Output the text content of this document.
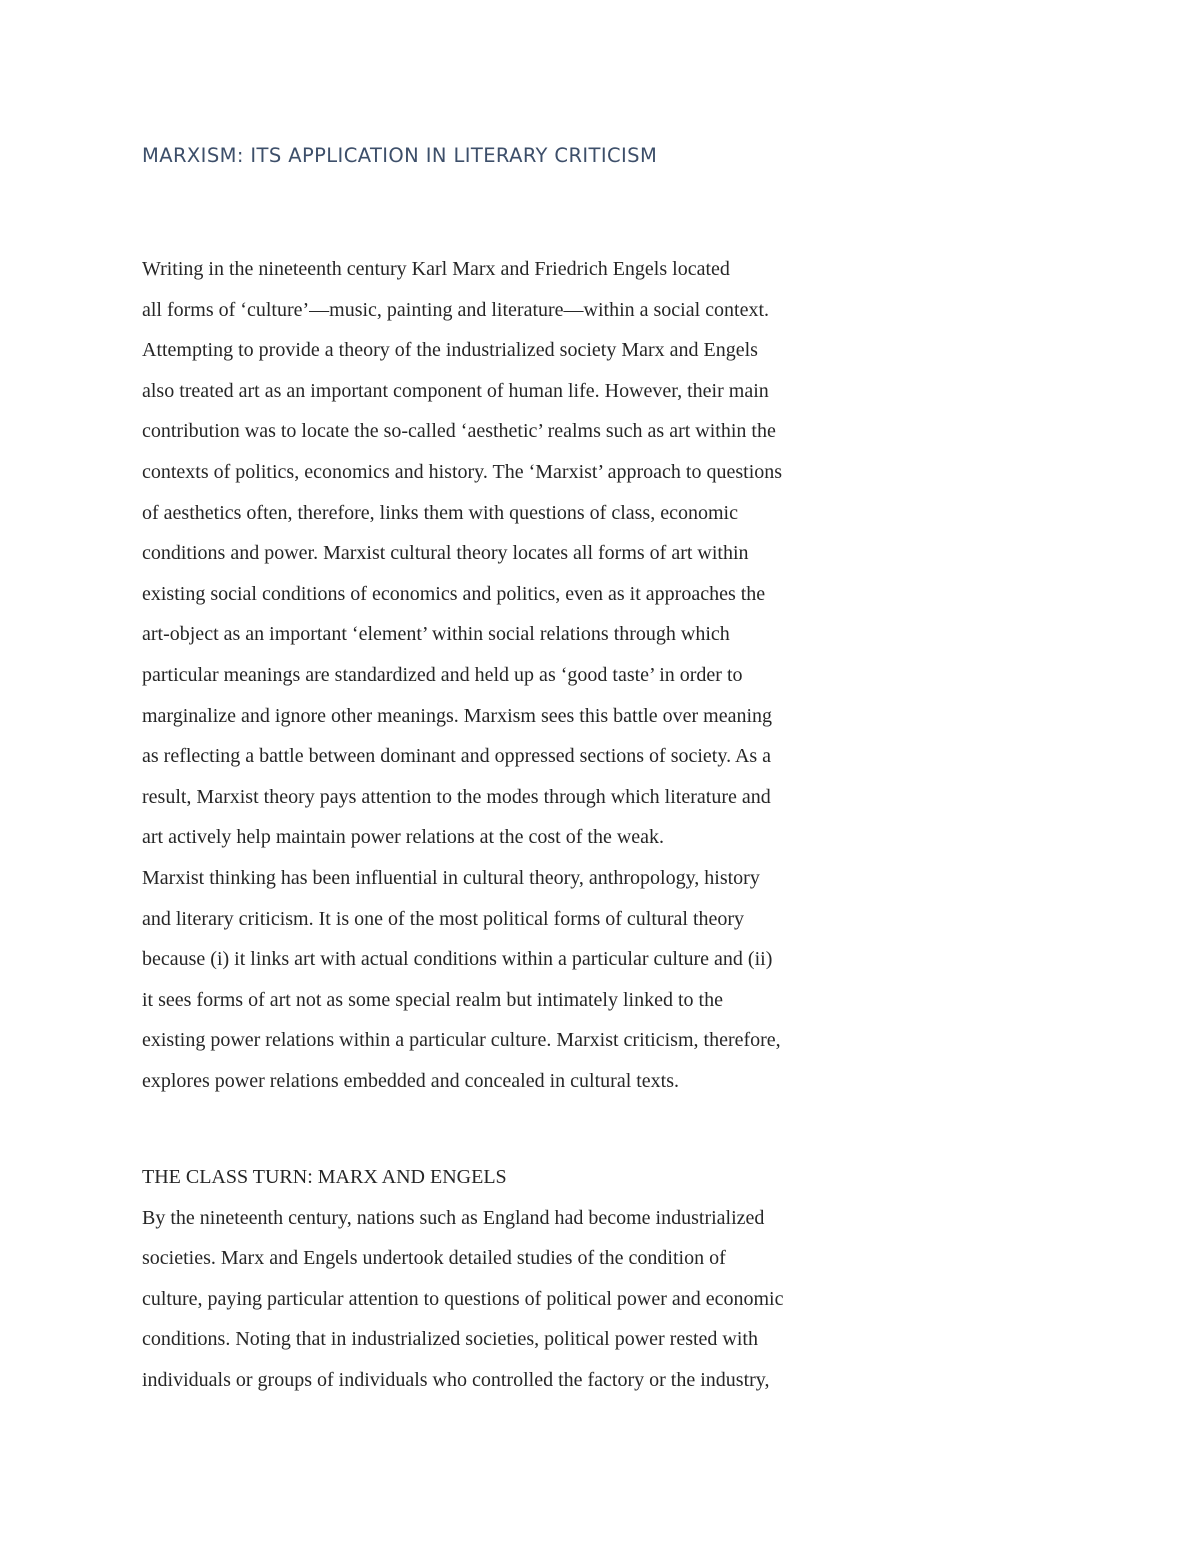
MARXISM: ITS APPLICATION IN LITERARY CRITICISM
Writing in the nineteenth century Karl Marx and Friedrich Engels located
all forms of ‘culture’—music, painting and literature—within a social context.
Attempting to provide a theory of the industrialized society Marx and Engels
also treated art as an important component of human life. However, their main
contribution was to locate the so-called ‘aesthetic’ realms such as art within the
contexts of politics, economics and history. The ‘Marxist’ approach to questions
of aesthetics often, therefore, links them with questions of class, economic
conditions and power. Marxist cultural theory locates all forms of art within
existing social conditions of economics and politics, even as it approaches the
art-object as an important ‘element’ within social relations through which
particular meanings are standardized and held up as ‘good taste’ in order to
marginalize and ignore other meanings. Marxism sees this battle over meaning
as reflecting a battle between dominant and oppressed sections of society. As a
result, Marxist theory pays attention to the modes through which literature and
art actively help maintain power relations at the cost of the weak.
Marxist thinking has been influential in cultural theory, anthropology, history
and literary criticism. It is one of the most political forms of cultural theory
because (i) it links art with actual conditions within a particular culture and (ii)
it sees forms of art not as some special realm but intimately linked to the
existing power relations within a particular culture. Marxist criticism, therefore,
explores power relations embedded and concealed in cultural texts.
THE CLASS TURN: MARX AND ENGELS
By the nineteenth century, nations such as England had become industrialized
societies. Marx and Engels undertook detailed studies of the condition of
culture, paying particular attention to questions of political power and economic
conditions. Noting that in industrialized societies, political power rested with
individuals or groups of individuals who controlled the factory or the industry,
